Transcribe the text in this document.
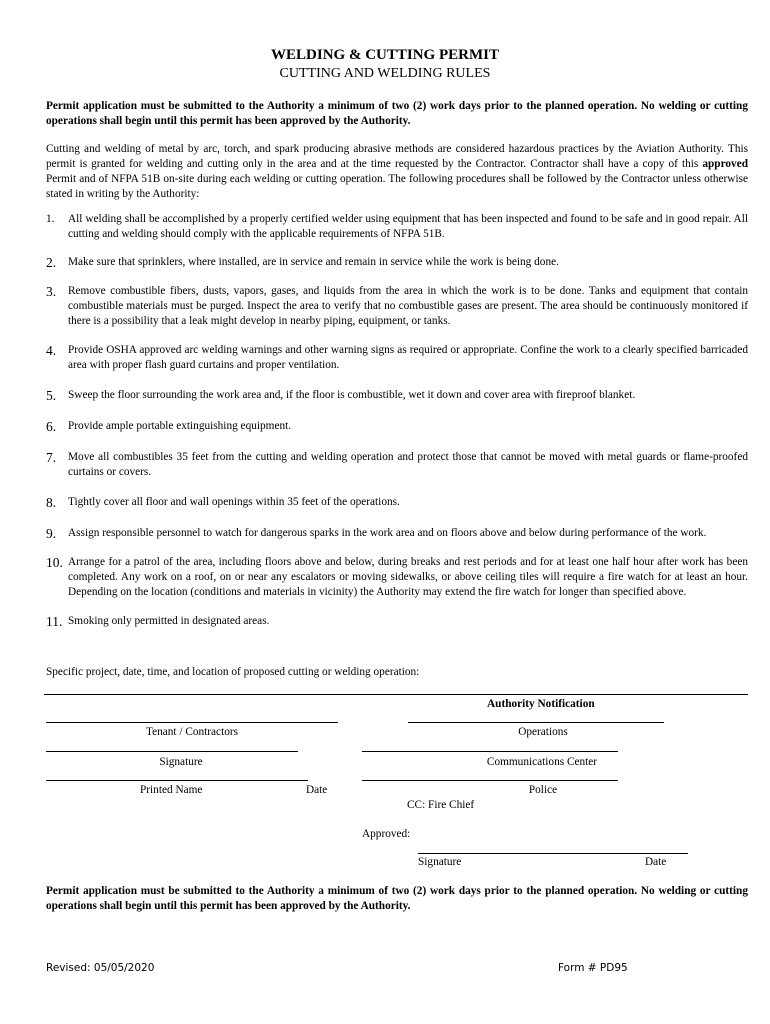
WELDING & CUTTING PERMIT
CUTTING AND WELDING RULES
Permit application must be submitted to the Authority a minimum of two (2) work days prior to the planned operation. No welding or cutting operations shall begin until this permit has been approved by the Authority.
Cutting and welding of metal by arc, torch, and spark producing abrasive methods are considered hazardous practices by the Aviation Authority. This permit is granted for welding and cutting only in the area and at the time requested by the Contractor. Contractor shall have a copy of this approved Permit and of NFPA 51B on-site during each welding or cutting operation. The following procedures shall be followed by the Contractor unless otherwise stated in writing by the Authority:
1.	All welding shall be accomplished by a properly certified welder using equipment that has been inspected and found to be safe and in good repair. All cutting and welding should comply with the applicable requirements of NFPA 51B.
2.	Make sure that sprinklers, where installed, are in service and remain in service while the work is being done.
3.	Remove combustible fibers, dusts, vapors, gases, and liquids from the area in which the work is to be done. Tanks and equipment that contain combustible materials must be purged. Inspect the area to verify that no combustible gases are present. The area should be continuously monitored if there is a possibility that a leak might develop in nearby piping, equipment, or tanks.
4.	Provide OSHA approved arc welding warnings and other warning signs as required or appropriate. Confine the work to a clearly specified barricaded area with proper flash guard curtains and proper ventilation.
5.	Sweep the floor surrounding the work area and, if the floor is combustible, wet it down and cover area with fireproof blanket.
6.	Provide ample portable extinguishing equipment.
7.	Move all combustibles 35 feet from the cutting and welding operation and protect those that cannot be moved with metal guards or flame-proofed curtains or covers.
8.	Tightly cover all floor and wall openings within 35 feet of the operations.
9.	Assign responsible personnel to watch for dangerous sparks in the work area and on floors above and below during performance of the work.
10. Arrange for a patrol of the area, including floors above and below, during breaks and rest periods and for at least one half hour after work has been completed. Any work on a roof, on or near any escalators or moving sidewalks, or above ceiling tiles will require a fire watch for at least an hour. Depending on the location (conditions and materials in vicinity) the Authority may extend the fire watch for longer than specified above.
11. Smoking only permitted in designated areas.
Specific project, date, time, and location of proposed cutting or welding operation:
Authority Notification
Tenant / Contractors
Signature
Printed Name	Date
Operations
Communications Center
Police
CC: Fire Chief
Approved:
Signature	Date
Permit application must be submitted to the Authority a minimum of two (2) work days prior to the planned operation. No welding or cutting operations shall begin until this permit has been approved by the Authority.
Revised: 05/05/2020	Form # PD95
